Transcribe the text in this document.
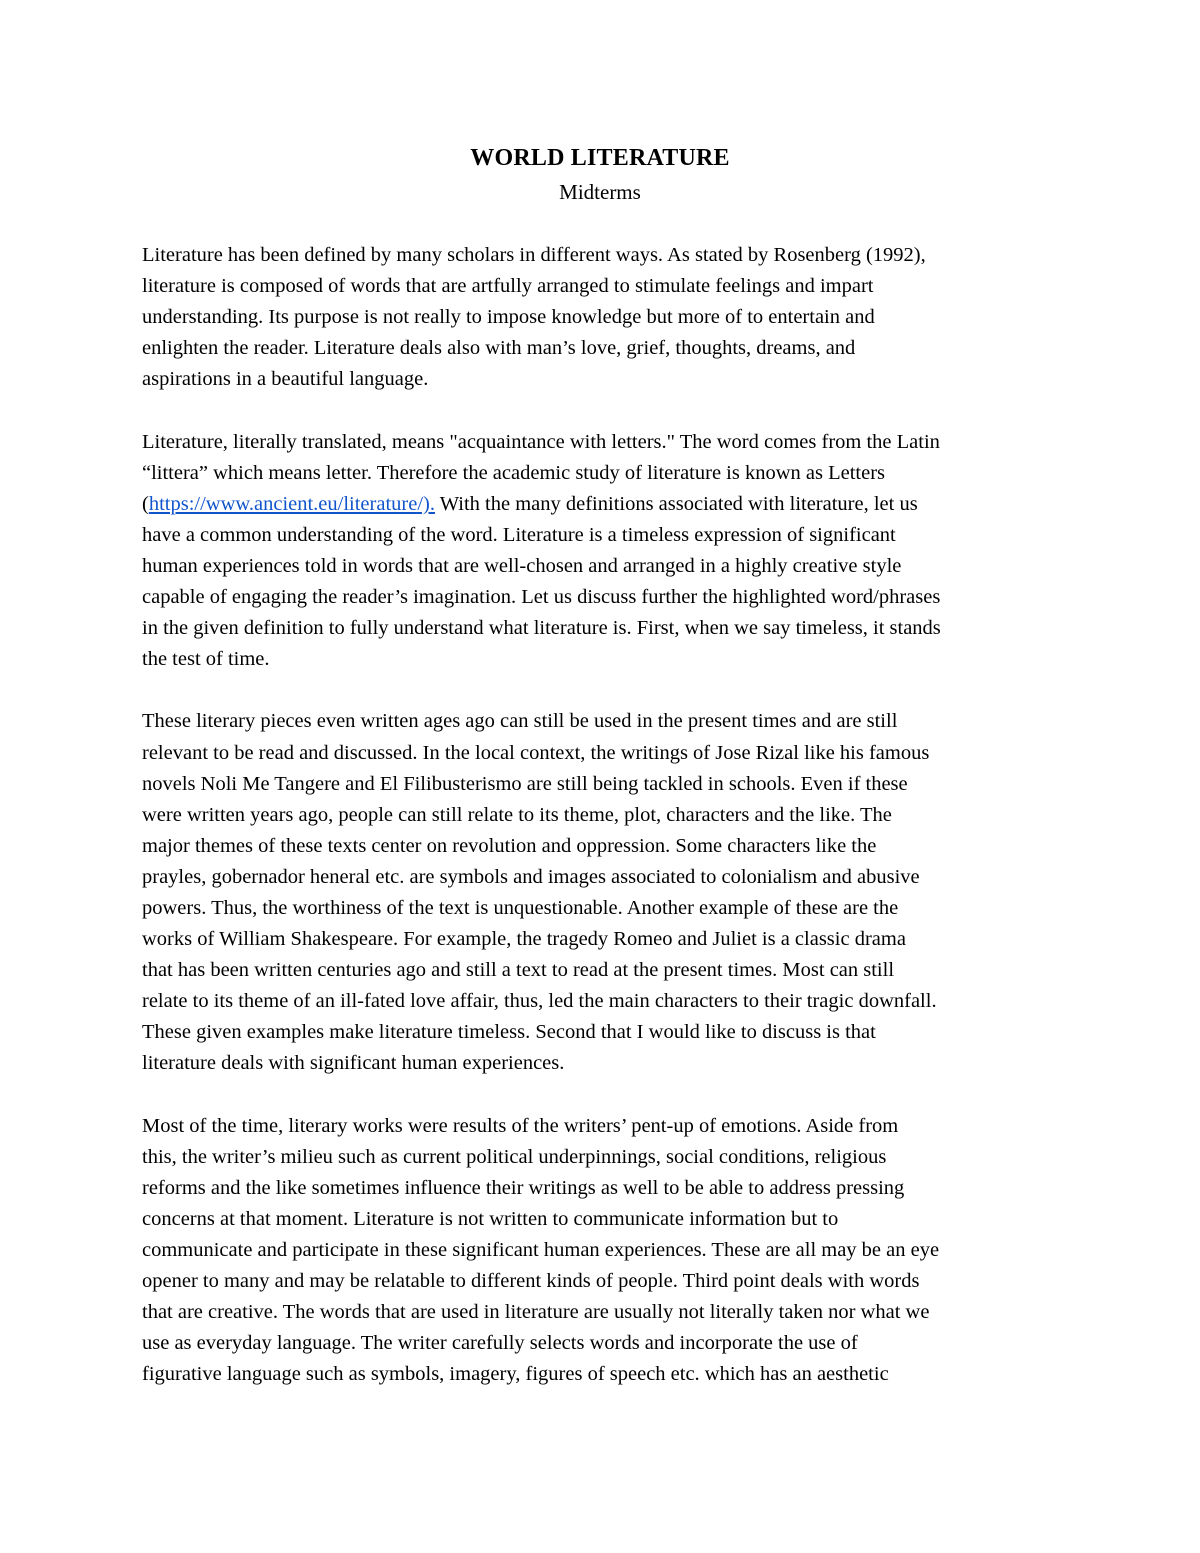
WORLD LITERATURE
Midterms
Literature has been defined by many scholars in different ways. As stated by Rosenberg (1992),
literature is composed of words that are artfully arranged to stimulate feelings and impart
understanding. Its purpose is not really to impose knowledge but more of to entertain and
enlighten the reader. Literature deals also with man’s love, grief, thoughts, dreams, and
aspirations in a beautiful language.
Literature, literally translated, means "acquaintance with letters." The word comes from the Latin
“littera” which means letter. Therefore the academic study of literature is known as Letters
(https://www.ancient.eu/literature/). With the many definitions associated with literature, let us
have a common understanding of the word. Literature is a timeless expression of significant
human experiences told in words that are well-chosen and arranged in a highly creative style
capable of engaging the reader’s imagination. Let us discuss further the highlighted word/phrases
in the given definition to fully understand what literature is. First, when we say timeless, it stands
the test of time.
These literary pieces even written ages ago can still be used in the present times and are still
relevant to be read and discussed. In the local context, the writings of Jose Rizal like his famous
novels Noli Me Tangere and El Filibusterismo are still being tackled in schools. Even if these
were written years ago, people can still relate to its theme, plot, characters and the like. The
major themes of these texts center on revolution and oppression. Some characters like the
prayles, gobernador heneral etc. are symbols and images associated to colonialism and abusive
powers. Thus, the worthiness of the text is unquestionable. Another example of these are the
works of William Shakespeare. For example, the tragedy Romeo and Juliet is a classic drama
that has been written centuries ago and still a text to read at the present times. Most can still
relate to its theme of an ill-fated love affair, thus, led the main characters to their tragic downfall.
These given examples make literature timeless. Second that I would like to discuss is that
literature deals with significant human experiences.
Most of the time, literary works were results of the writers’ pent-up of emotions. Aside from
this, the writer’s milieu such as current political underpinnings, social conditions, religious
reforms and the like sometimes influence their writings as well to be able to address pressing
concerns at that moment. Literature is not written to communicate information but to
communicate and participate in these significant human experiences. These are all may be an eye
opener to many and may be relatable to different kinds of people. Third point deals with words
that are creative. The words that are used in literature are usually not literally taken nor what we
use as everyday language. The writer carefully selects words and incorporate the use of
figurative language such as symbols, imagery, figures of speech etc. which has an aesthetic
